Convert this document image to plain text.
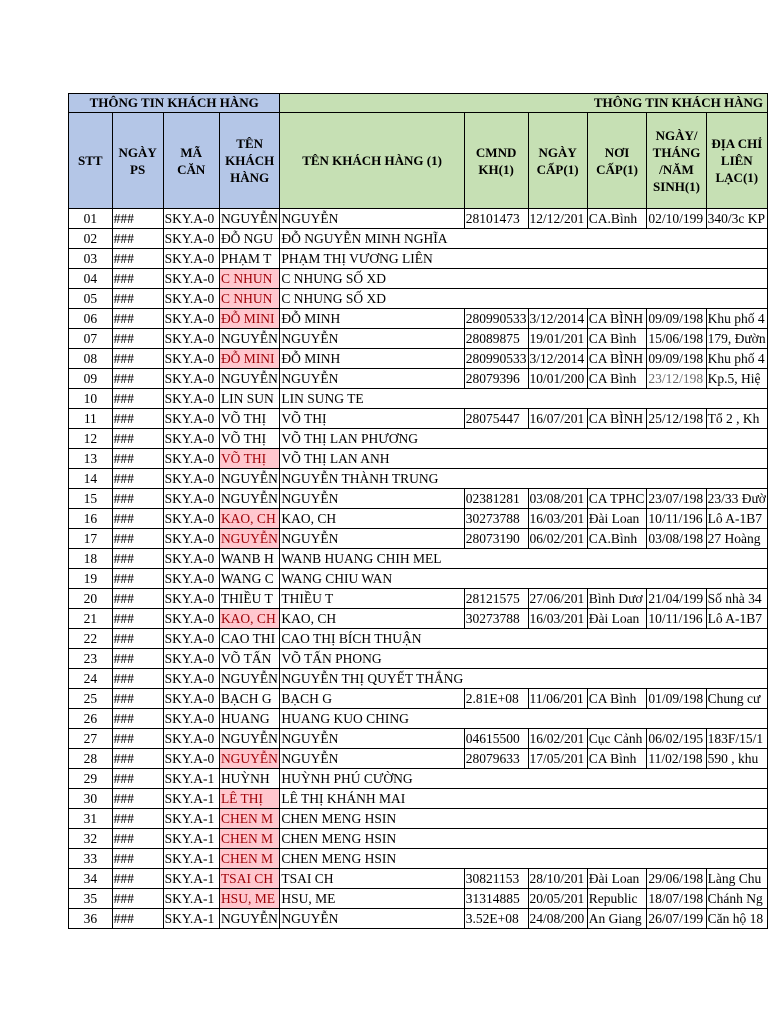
THÔNG TIN KHÁCH HÀNG				THÔNG TIN KHÁCH HÀNG					
STT	NGÀY PS	MÃ CĂN	TÊN KHÁCH HÀNG	TÊN KHÁCH HÀNG (1)	CMND KH(1)	NGÀY CẤP(1)	NƠI CẤP(1)	NGÀY/ THÁNG /NĂM SINH(1)	ĐỊA CHỈ LIÊN LẠC(1)
01	###	SKY.A-0	NGUYỄN	NGUYỄN	28101473	12/12/201	CA.Bình	02/10/199	340/3c KP
02	###	SKY.A-0	ĐỖ NGU	ĐỖ NGUYỄN MINH NGHĨA					
03	###	SKY.A-0	PHẠM T	PHẠM THỊ VƯƠNG LIÊN					
04	###	SKY.A-0	C NHUN	C NHUNG SỐ XD					
05	###	SKY.A-0	C NHUN	C NHUNG SỐ XD					
06	###	SKY.A-0	ĐỖ MINI	ĐỖ MINH	280990533	3/12/2014	CA BÌNH	09/09/198	Khu phố 4
07	###	SKY.A-0	NGUYỄN	NGUYỄN	28089875	19/01/201	CA Bình	15/06/198	179, Đườn
08	###	SKY.A-0	ĐỖ MINI	ĐỖ MINH	280990533	3/12/2014	CA BÌNH	09/09/198	Khu phố 4
09	###	SKY.A-0	NGUYỄN	NGUYỄN	28079396	10/01/200	CA Bình	23/12/198	Kp.5, Hiệ
10	###	SKY.A-0	LIN SUN	LIN SUNG TE					
11	###	SKY.A-0	VÕ THỊ	VÕ THỊ	28075447	16/07/201	CA BÌNH	25/12/198	Tổ 2 , Kh
12	###	SKY.A-0	VÕ THỊ	VÕ THỊ LAN PHƯƠNG					
13	###	SKY.A-0	VÕ THỊ	VÕ THỊ LAN ANH					
14	###	SKY.A-0	NGUYỄN	NGUYỄN THÀNH TRUNG					
15	###	SKY.A-0	NGUYỄN	NGUYỄN	02381281	03/08/201	CA TPHC	23/07/198	23/33 Đườ
16	###	SKY.A-0	KAO, CH	KAO, CH	30273788	16/03/201	Đài Loan	10/11/196	Lô A-1B7
17	###	SKY.A-0	NGUYỄN	NGUYỄN	28073190	06/02/201	CA.Bình	03/08/198	27 Hoàng
18	###	SKY.A-0	WANB H	WANB HUANG CHIH MEL					
19	###	SKY.A-0	WANG C	WANG CHIU WAN					
20	###	SKY.A-0	THIỀU T	THIỀU T	28121575	27/06/201	Bình Dươ	21/04/199	Số nhà 34
21	###	SKY.A-0	KAO, CH	KAO, CH	30273788	16/03/201	Đài Loan	10/11/196	Lô A-1B7
22	###	SKY.A-0	CAO THI	CAO THỊ BÍCH THUẬN					
23	###	SKY.A-0	VÕ TẤN	VÕ TẤN PHONG					
24	###	SKY.A-0	NGUYỄN	NGUYỄN THỊ QUYẾT THẮNG					
25	###	SKY.A-0	BẠCH G	BẠCH G	2.81E+08	11/06/201	CA Bình	01/09/198	Chung cư
26	###	SKY.A-0	HUANG	HUANG KUO CHING					
27	###	SKY.A-0	NGUYỄN	NGUYỄN	04615500	16/02/201	Cục Cảnh	06/02/195	183F/15/1
28	###	SKY.A-0	NGUYỄN	NGUYỄN	28079633	17/05/201	CA Bình	11/02/198	590 , khu
29	###	SKY.A-1	HUỲNH	HUỲNH PHÚ CƯỜNG					
30	###	SKY.A-1	LÊ THỊ	LÊ THỊ KHÁNH MAI					
31	###	SKY.A-1	CHEN M	CHEN MENG HSIN					
32	###	SKY.A-1	CHEN M	CHEN MENG HSIN					
33	###	SKY.A-1	CHEN M	CHEN MENG HSIN					
34	###	SKY.A-1	TSAI CH	TSAI CH	30821153	28/10/201	Đài Loan	29/06/198	Làng Chu
35	###	SKY.A-1	HSU, ME	HSU, ME	31314885	20/05/201	Republic	18/07/198	Chánh Ng
36	###	SKY.A-1	NGUYỄN	NGUYỄN	3.52E+08	24/08/200	An Giang	26/07/199	Căn hộ 18
